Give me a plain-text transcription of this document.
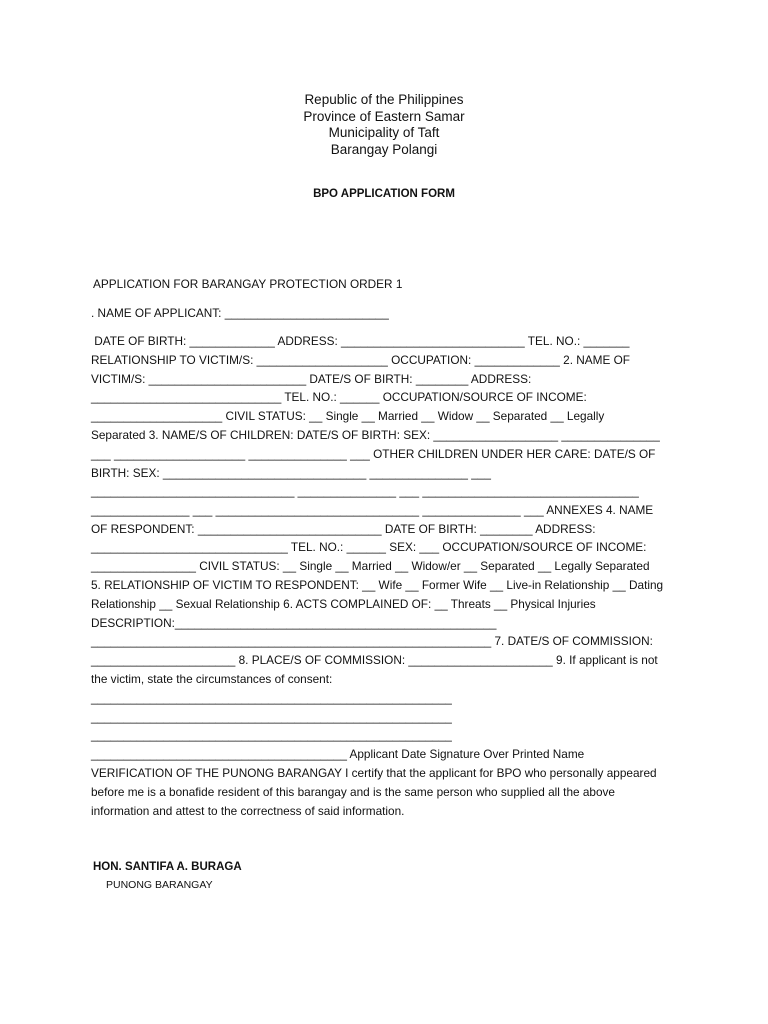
Republic of the Philippines
Province of Eastern Samar
Municipality of Taft
Barangay Polangi
BPO APPLICATION FORM
APPLICATION FOR BARANGAY PROTECTION ORDER 1
. NAME OF APPLICANT: _________________________
DATE OF BIRTH: _____________ ADDRESS: ____________________________ TEL. NO.: _______
RELATIONSHIP TO VICTIM/S: ____________________ OCCUPATION: _____________ 2. NAME OF
VICTIM/S: ________________________ DATE/S OF BIRTH: ________ ADDRESS:
_____________________________ TEL. NO.: ______ OCCUPATION/SOURCE OF INCOME:
____________________ CIVIL STATUS: __ Single __ Married __ Widow __ Separated __ Legally
Separated 3. NAME/S OF CHILDREN: DATE/S OF BIRTH: SEX: ___________________ _______________
___ ____________________ _______________ ___ OTHER CHILDREN UNDER HER CARE: DATE/S OF
BIRTH: SEX: _______________________________ _______________ ___
_______________________________ _______________ ___ _________________________________
_______________ ___ _______________________________ _______________ ___ ANNEXES 4. NAME
OF RESPONDENT: ____________________________ DATE OF BIRTH: ________ ADDRESS:
______________________________ TEL. NO.: ______ SEX: ___ OCCUPATION/SOURCE OF INCOME:
________________ CIVIL STATUS: __ Single __ Married __ Widow/er __ Separated __ Legally Separated
5. RELATIONSHIP OF VICTIM TO RESPONDENT: __ Wife __ Former Wife __ Live-in Relationship __ Dating
Relationship __ Sexual Relationship 6. ACTS COMPLAINED OF: __ Threats __ Physical Injuries
DESCRIPTION:_________________________________________________
_____________________________________________________________ 7. DATE/S OF COMMISSION:
______________________ 8. PLACE/S OF COMMISSION: ______________________ 9. If applicant is not
the victim, state the circumstances of consent:
_______________________________________________________
_______________________________________________________
_______________________________________________________
_______________________________________ Applicant Date Signature Over Printed Name
VERIFICATION OF THE PUNONG BARANGAY I certify that the applicant for BPO who personally appeared
before me is a bonafide resident of this barangay and is the same person who supplied all the above
information and attest to the correctness of said information.
HON. SANTIFA A. BURAGA
PUNONG BARANGAY
